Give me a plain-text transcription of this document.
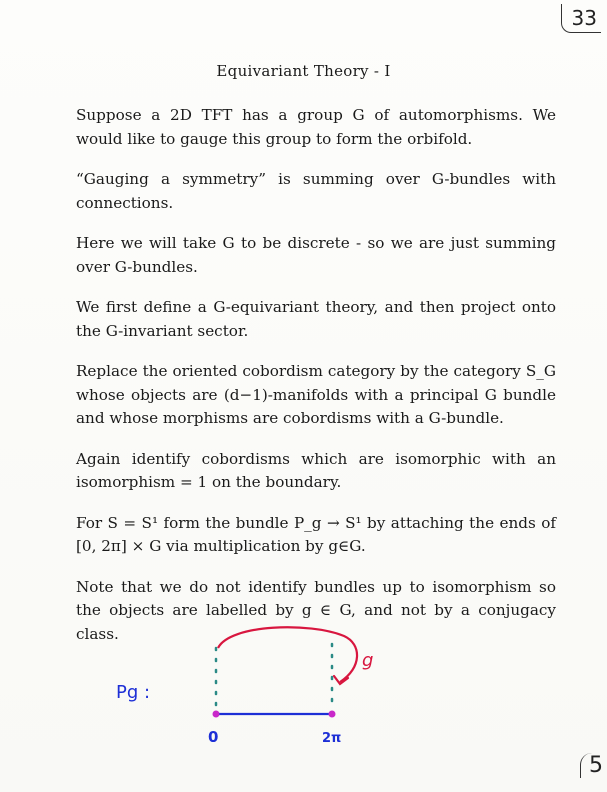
33
Equivariant Theory - I

Suppose a 2D TFT has a group G of automorphisms. We would like to gauge this group to form the orbifold.

“Gauging a symmetry” is summing over G-bundles with connections.

Here we will take G to be discrete - so we are just summing over G-bundles.

We first define a G-equivariant theory, and then project onto the G-invariant sector.

Replace the oriented cobordism category by the category S_G whose objects are (d−1)-manifolds with a principal G bundle and whose morphisms are cobordisms with a G-bundle.

Again identify cobordisms which are isomorphic with an isomorphism = 1 on the boundary.

For S = S¹ form the bundle P_g → S¹ by attaching the ends of [0, 2π] × G via multiplication by g∈G.

Note that we do not identify bundles up to isomorphism so the objects are labelled by g ∈ G, and not by a conjugacy class.

g
Pg :
0	2π
5
